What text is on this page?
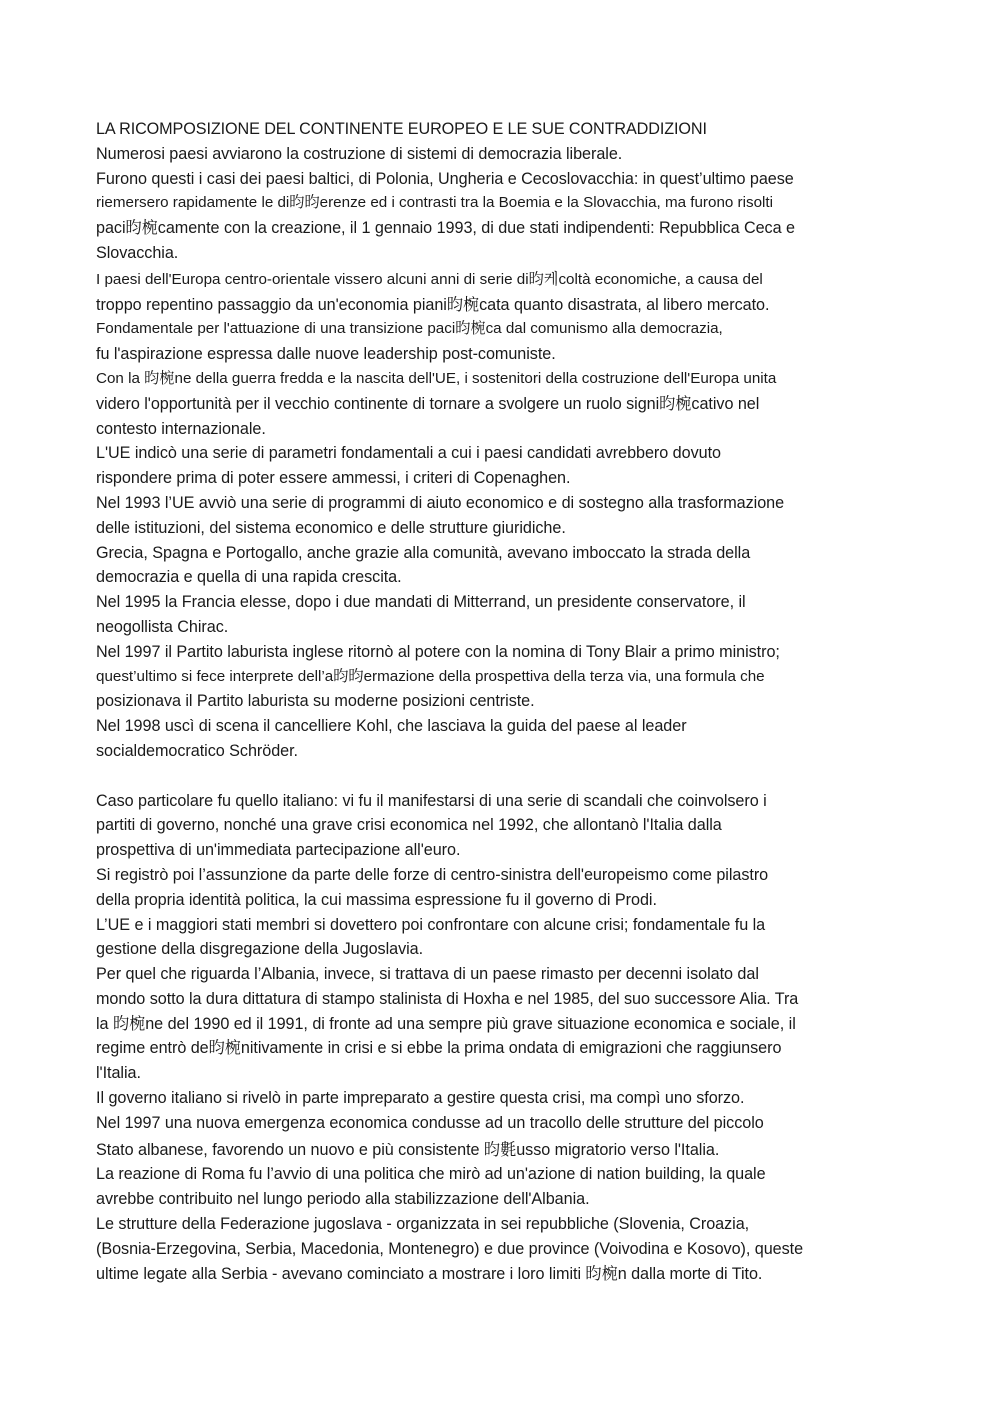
LA RICOMPOSIZIONE DEL CONTINENTE EUROPEO E LE SUE CONTRADDIZIONI
Numerosi paesi avviarono la costruzione di sistemi di democrazia liberale.
Furono questi i casi dei paesi baltici, di Polonia, Ungheria e Cecoslovacchia: in quest’ultimo paese
riemersero rapidamente le di昀昀erenze ed i contrasti tra la Boemia e la Slovacchia, ma furono risolti
paci昀椀camente con la creazione, il 1 gennaio 1993, di due stati indipendenti: Repubblica Ceca e
Slovacchia.
I paesi dell'Europa centro-orientale vissero alcuni anni di serie di昀케coltà economiche, a causa del
troppo repentino passaggio da un'economia piani昀椀cata quanto disastrata, al libero mercato.
Fondamentale per l'attuazione di una transizione paci昀椀ca dal comunismo alla democrazia,
fu l'aspirazione espressa dalle nuove leadership post-comuniste.
Con la 昀椀ne della guerra fredda e la nascita dell'UE, i sostenitori della costruzione dell'Europa unita
videro l'opportunità per il vecchio continente di tornare a svolgere un ruolo signi昀椀cativo nel
contesto internazionale.
L'UE indicò una serie di parametri fondamentali a cui i paesi candidati avrebbero dovuto
rispondere prima di poter essere ammessi, i criteri di Copenaghen.
Nel 1993 l’UE avviò una serie di programmi di aiuto economico e di sostegno alla trasformazione
delle istituzioni, del sistema economico e delle strutture giuridiche.
Grecia, Spagna e Portogallo, anche grazie alla comunità, avevano imboccato la strada della
democrazia e quella di una rapida crescita.
Nel 1995 la Francia elesse, dopo i due mandati di Mitterrand, un presidente conservatore, il
neogollista Chirac.
Nel 1997 il Partito laburista inglese ritornò al potere con la nomina di Tony Blair a primo ministro;
quest’ultimo si fece interprete dell’a昀昀ermazione della prospettiva della terza via, una formula che
posizionava il Partito laburista su moderne posizioni centriste.
Nel 1998 uscì di scena il cancelliere Kohl, che lasciava la guida del paese al leader
socialdemocratico Schröder.
Caso particolare fu quello italiano: vi fu il manifestarsi di una serie di scandali che coinvolsero i
partiti di governo, nonché una grave crisi economica nel 1992, che allontanò l'Italia dalla
prospettiva di un'immediata partecipazione all'euro.
Si registrò poi l’assunzione da parte delle forze di centro-sinistra dell'europeismo come pilastro
della propria identità politica, la cui massima espressione fu il governo di Prodi.
L’UE e i maggiori stati membri si dovettero poi confrontare con alcune crisi; fondamentale fu la
gestione della disgregazione della Jugoslavia.
Per quel che riguarda l’Albania, invece, si trattava di un paese rimasto per decenni isolato dal
mondo sotto la dura dittatura di stampo stalinista di Hoxha e nel 1985, del suo successore Alia. Tra
la 昀椀ne del 1990 ed il 1991, di fronte ad una sempre più grave situazione economica e sociale, il
regime entrò de昀椀nitivamente in crisi e si ebbe la prima ondata di emigrazioni che raggiunsero
l'Italia.
Il governo italiano si rivelò in parte impreparato a gestire questa crisi, ma compì uno sforzo.
Nel 1997 una nuova emergenza economica condusse ad un tracollo delle strutture del piccolo
Stato albanese, favorendo un nuovo e più consistente 昀氀usso migratorio verso l'Italia.
La reazione di Roma fu l’avvio di una politica che mirò ad un'azione di nation building, la quale
avrebbe contribuito nel lungo periodo alla stabilizzazione dell'Albania.
Le strutture della Federazione jugoslava - organizzata in sei repubbliche (Slovenia, Croazia,
(Bosnia-Erzegovina, Serbia, Macedonia, Montenegro) e due province (Voivodina e Kosovo), queste
ultime legate alla Serbia - avevano cominciato a mostrare i loro limiti 昀椀n dalla morte di Tito.
